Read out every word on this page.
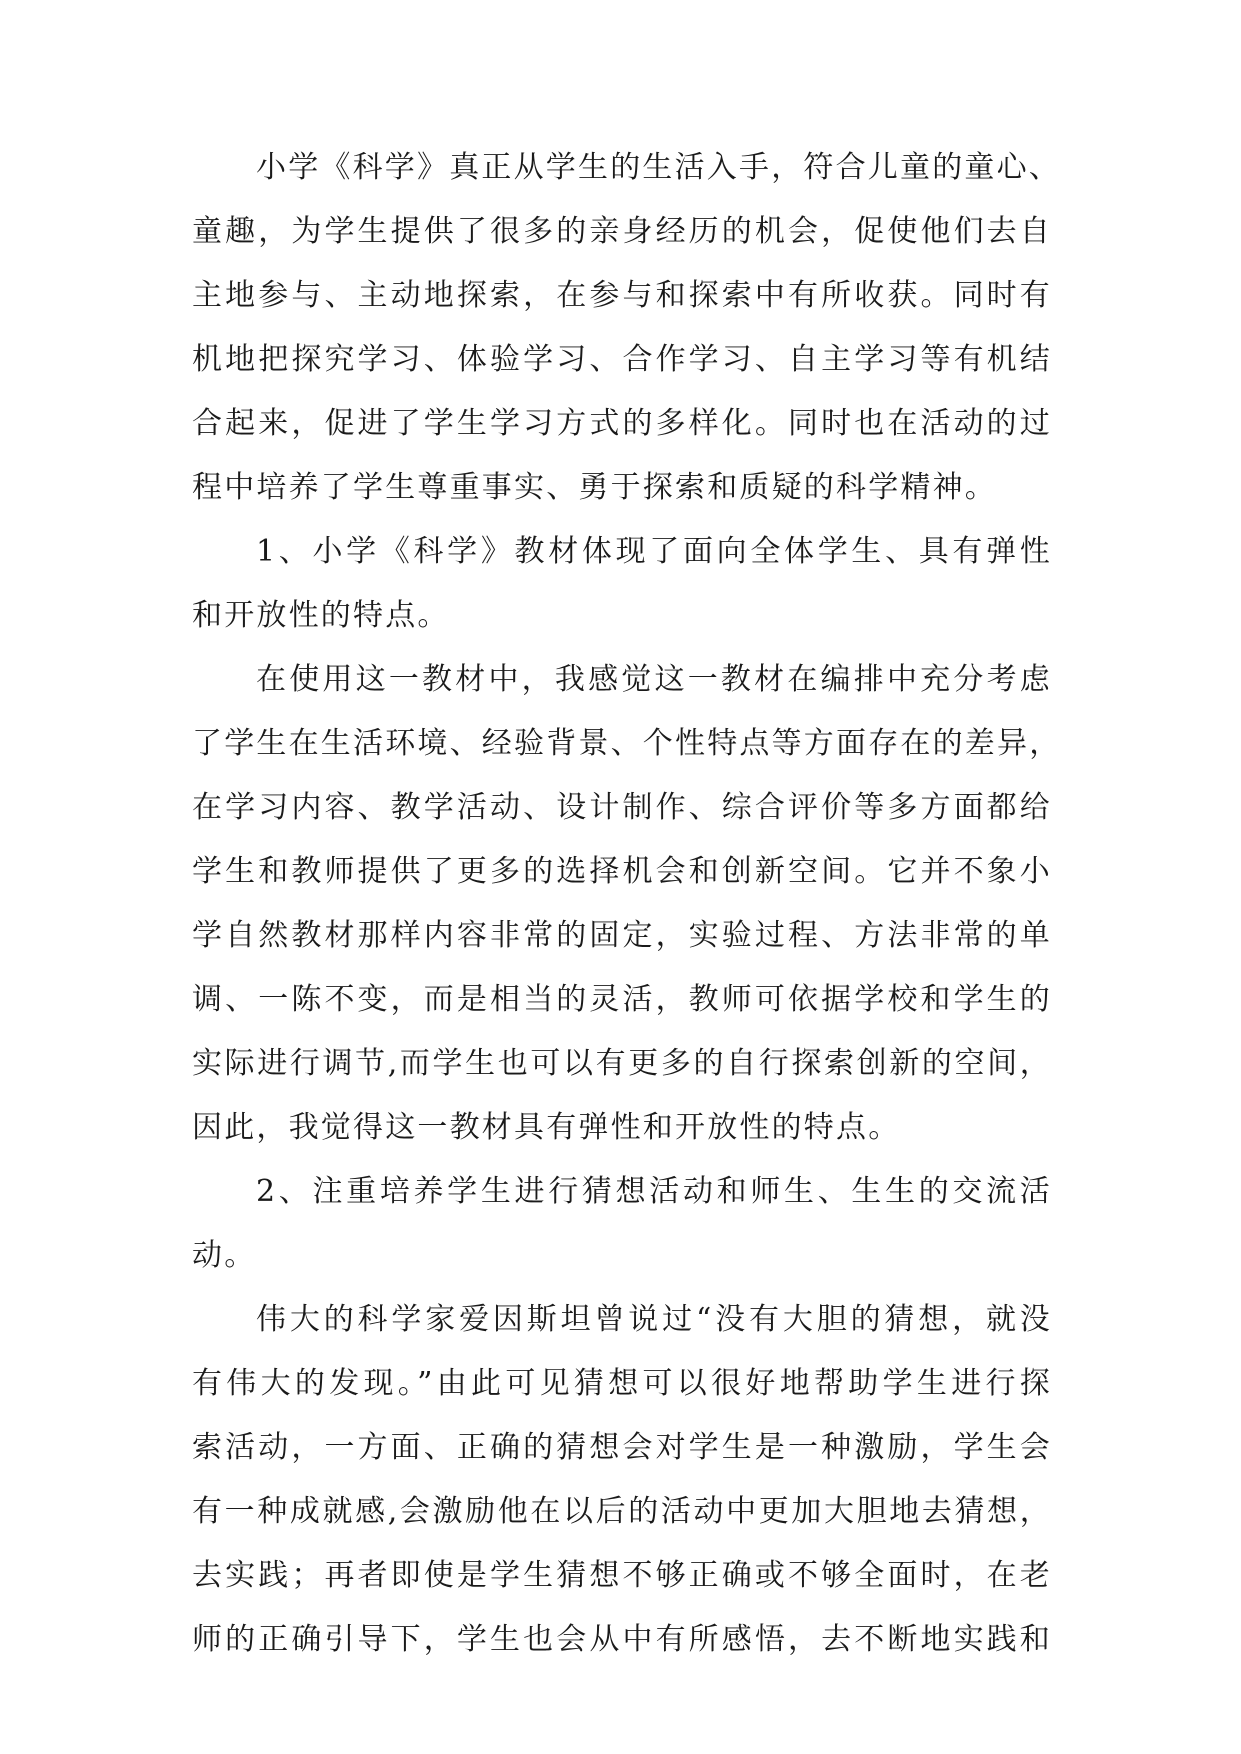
小学《科学》真正从学生的生活入手，符合儿童的童心、
童趣，为学生提供了很多的亲身经历的机会，促使他们去自
主地参与、主动地探索，在参与和探索中有所收获。同时有
机地把探究学习、体验学习、合作学习、自主学习等有机结
合起来，促进了学生学习方式的多样化。同时也在活动的过
程中培养了学生尊重事实、勇于探索和质疑的科学精神。
1、小学《科学》教材体现了面向全体学生、具有弹性
和开放性的特点。
在使用这一教材中，我感觉这一教材在编排中充分考虑
了学生在生活环境、经验背景、个性特点等方面存在的差异，
在学习内容、教学活动、设计制作、综合评价等多方面都给
学生和教师提供了更多的选择机会和创新空间。它并不象小
学自然教材那样内容非常的固定，实验过程、方法非常的单
调、一陈不变，而是相当的灵活，教师可依据学校和学生的
实际进行调节,而学生也可以有更多的自行探索创新的空间，
因此，我觉得这一教材具有弹性和开放性的特点。
2、注重培养学生进行猜想活动和师生、生生的交流活
动。
伟大的科学家爱因斯坦曾说过“没有大胆的猜想，就没
有伟大的发现。”由此可见猜想可以很好地帮助学生进行探
索活动，一方面、正确的猜想会对学生是一种激励，学生会
有一种成就感,会激励他在以后的活动中更加大胆地去猜想，
去实践；再者即使是学生猜想不够正确或不够全面时，在老
师的正确引导下，学生也会从中有所感悟，去不断地实践和
